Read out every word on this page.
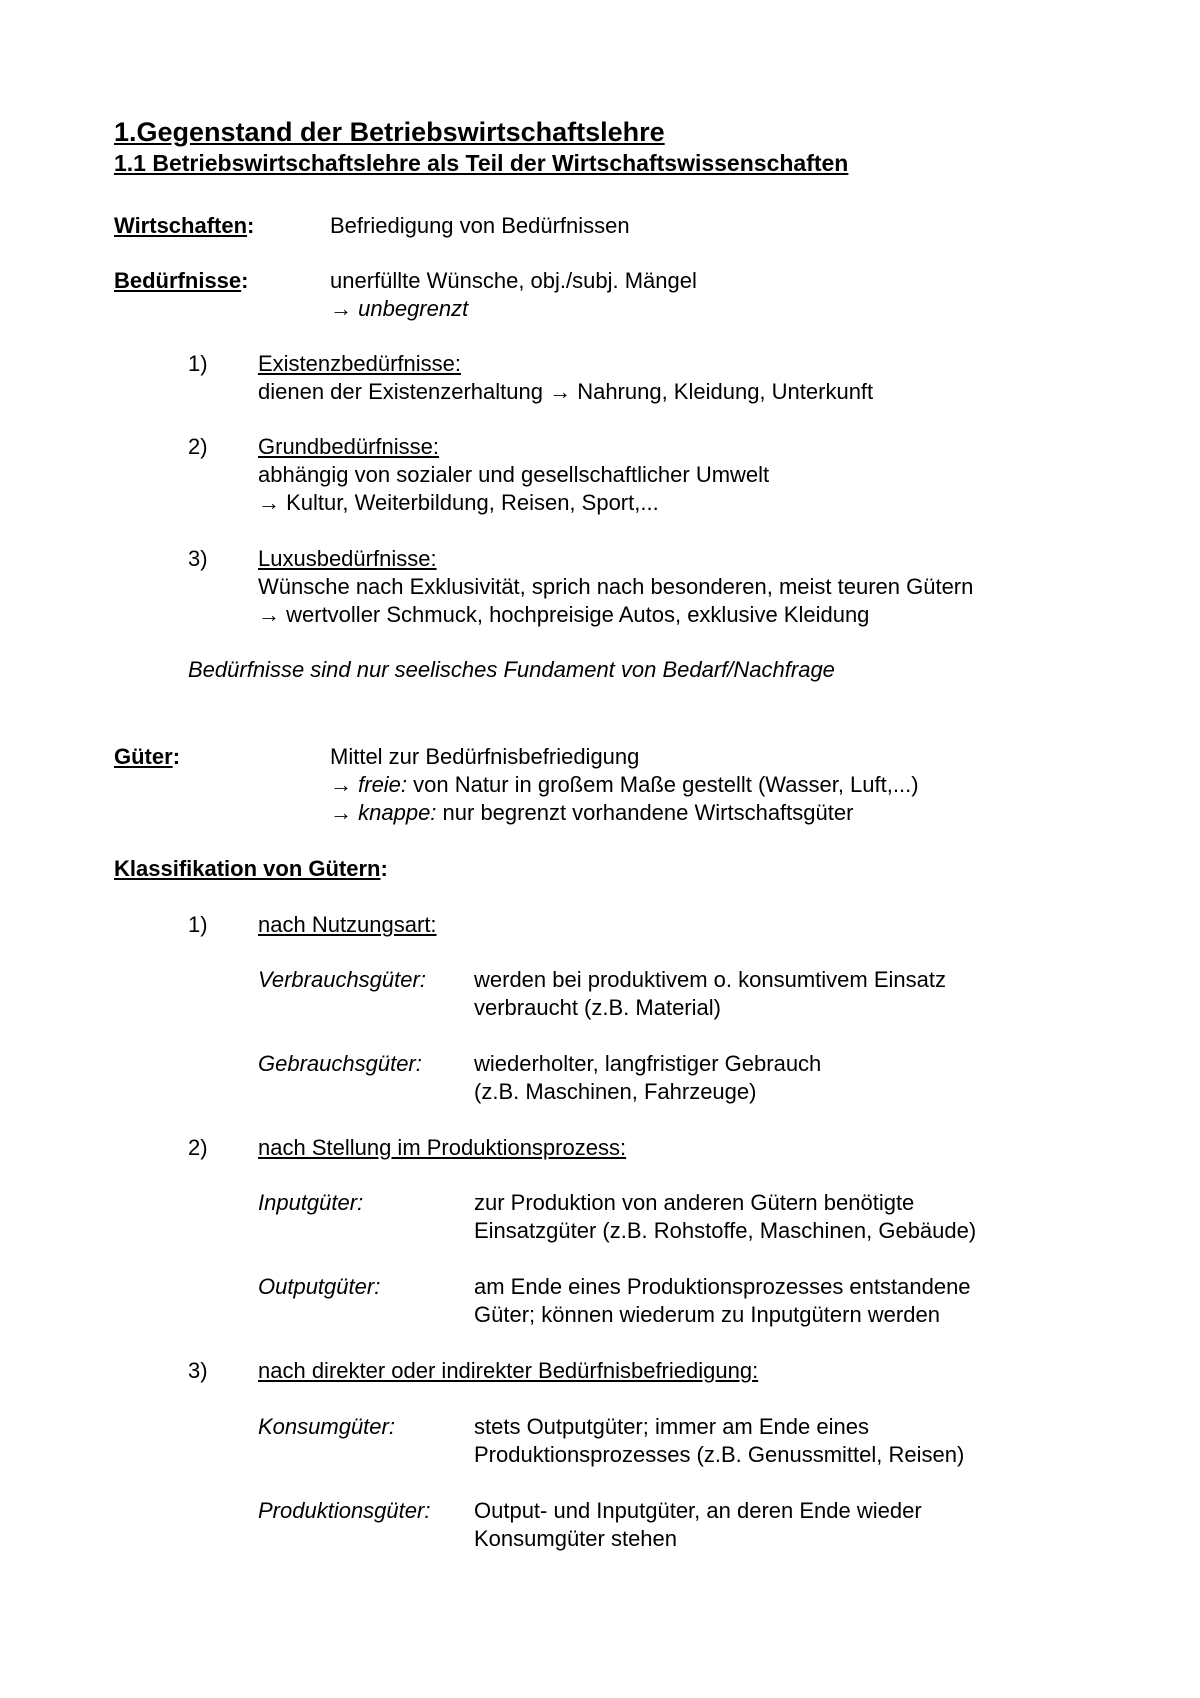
1.Gegenstand der Betriebswirtschaftslehre
1.1 Betriebswirtschaftslehre als Teil der Wirtschaftswissenschaften
Wirtschaften:	Befriedigung von Bedürfnissen
Bedürfnisse:	unerfüllte Wünsche, obj./subj. Mängel
→ unbegrenzt
1) Existenzbedürfnisse:
dienen der Existenzerhaltung → Nahrung, Kleidung, Unterkunft
2) Grundbedürfnisse:
abhängig von sozialer und gesellschaftlicher Umwelt
→ Kultur, Weiterbildung, Reisen, Sport,...
3) Luxusbedürfnisse:
Wünsche nach Exklusivität, sprich nach besonderen, meist teuren Gütern
→ wertvoller Schmuck, hochpreisige Autos, exklusive Kleidung
Bedürfnisse sind nur seelisches Fundament von Bedarf/Nachfrage
Güter:	Mittel zur Bedürfnisbefriedigung
→ freie: von Natur in großem Maße gestellt (Wasser, Luft,...)
→ knappe: nur begrenzt vorhandene Wirtschaftsgüter
Klassifikation von Gütern:
1) nach Nutzungsart:
Verbrauchsgüter: werden bei produktivem o. konsumtivem Einsatz
verbraucht (z.B. Material)
Gebrauchsgüter: wiederholter, langfristiger Gebrauch
(z.B. Maschinen, Fahrzeuge)
2) nach Stellung im Produktionsprozess:
Inputgüter:	zur Produktion von anderen Gütern benötigte
Einsatzgüter (z.B. Rohstoffe, Maschinen, Gebäude)
Outputgüter:	am Ende eines Produktionsprozesses entstandene
Güter; können wiederum zu Inputgütern werden
3) nach direkter oder indirekter Bedürfnisbefriedigung:
Konsumgüter:	stets Outputgüter; immer am Ende eines
Produktionsprozesses (z.B. Genussmittel, Reisen)
Produktionsgüter: Output- und Inputgüter, an deren Ende wieder
Konsumgüter stehen
